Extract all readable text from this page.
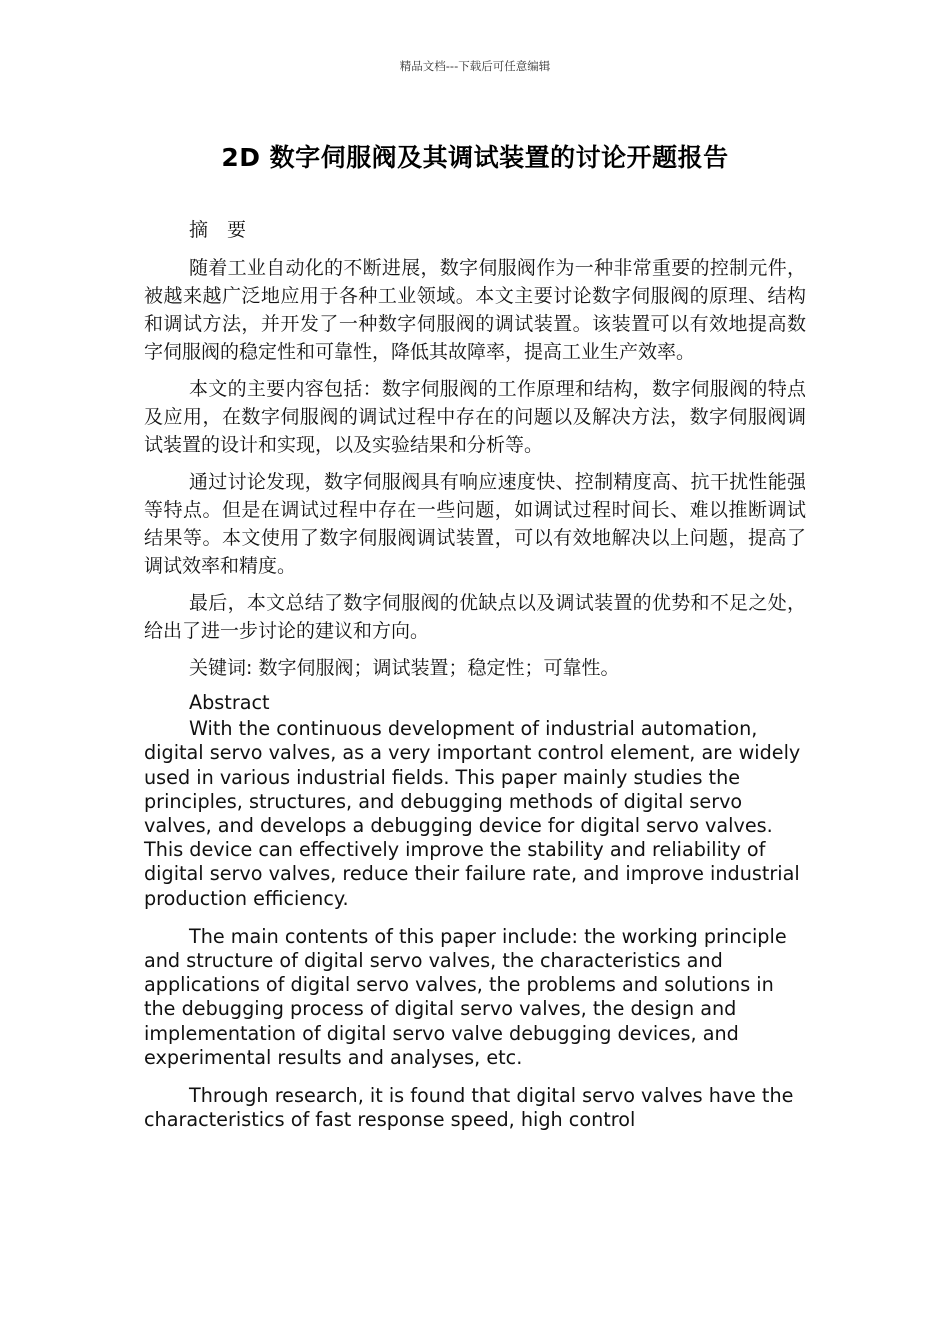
精品文档---下载后可任意编辑
2D 数字伺服阀及其调试装置的讨论开题报告

摘　要

随着工业自动化的不断进展，数字伺服阀作为一种非常重要的控制元件，被越来越广泛地应用于各种工业领域。本文主要讨论数字伺服阀的原理、结构和调试方法，并开发了一种数字伺服阀的调试装置。该装置可以有效地提高数字伺服阀的稳定性和可靠性，降低其故障率，提高工业生产效率。

本文的主要内容包括：数字伺服阀的工作原理和结构，数字伺服阀的特点及应用，在数字伺服阀的调试过程中存在的问题以及解决方法，数字伺服阀调试装置的设计和实现，以及实验结果和分析等。

通过讨论发现，数字伺服阀具有响应速度快、控制精度高、抗干扰性能强等特点。但是在调试过程中存在一些问题，如调试过程时间长、难以推断调试结果等。本文使用了数字伺服阀调试装置，可以有效地解决以上问题，提高了调试效率和精度。

最后，本文总结了数字伺服阀的优缺点以及调试装置的优势和不足之处，给出了进一步讨论的建议和方向。

关键词: 数字伺服阀；调试装置；稳定性；可靠性。

Abstract

With the continuous development of industrial automation, digital servo valves, as a very important control element, are widely used in various industrial fields. This paper mainly studies the principles, structures, and debugging methods of digital servo valves, and develops a debugging device for digital servo valves. This device can effectively improve the stability and reliability of digital servo valves, reduce their failure rate, and improve industrial production efficiency.

The main contents of this paper include: the working principle and structure of digital servo valves, the characteristics and applications of digital servo valves, the problems and solutions in the debugging process of digital servo valves, the design and implementation of digital servo valve debugging devices, and experimental results and analyses, etc.

Through research, it is found that digital servo valves have the characteristics of fast response speed, high control
